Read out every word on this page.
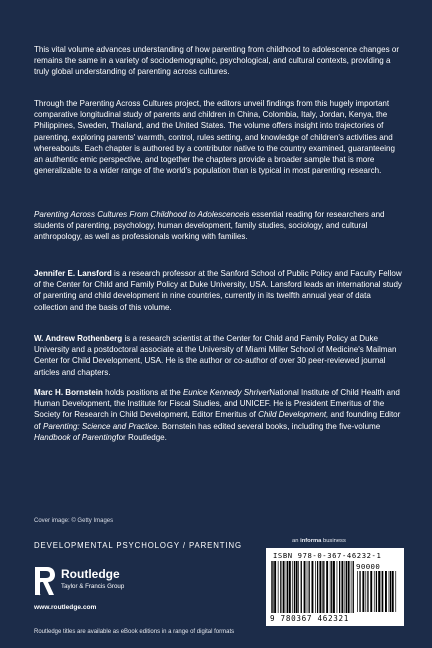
This vital volume advances understanding of how parenting from childhood to adolescence changes or remains the same in a variety of sociodemographic, psychological, and cultural contexts, providing a truly global understanding of parenting across cultures.

Through the Parenting Across Cultures project, the editors unveil findings from this hugely important comparative longitudinal study of parents and children in China, Colombia, Italy, Jordan, Kenya, the Philippines, Sweden, Thailand, and the United States. The volume offers insight into trajectories of parenting, exploring parents' warmth, control, rules setting, and knowledge of children's activities and whereabouts. Each chapter is authored by a contributor native to the country examined, guaranteeing an authentic emic perspective, and together the chapters provide a broader sample that is more generalizable to a wider range of the world's population than is typical in most parenting research.

Parenting Across Cultures From Childhood to Adolescenceis essential reading for researchers and students of parenting, psychology, human development, family studies, sociology, and cultural anthropology, as well as professionals working with families.

Jennifer E. Lansford is a research professor at the Sanford School of Public Policy and Faculty Fellow of the Center for Child and Family Policy at Duke University, USA. Lansford leads an international study of parenting and child development in nine countries, currently in its twelfth annual year of data collection and the basis of this volume.

W. Andrew Rothenberg is a research scientist at the Center for Child and Family Policy at Duke University and a postdoctoral associate at the University of Miami Miller School of Medicine's Mailman Center for Child Development, USA. He is the author or co-author of over 30 peer-reviewed journal articles and chapters.

Marc H. Bornstein holds positions at the Eunice Kennedy ShriverNational Institute of Child Health and Human Development, the Institute for Fiscal Studies, and UNICEF. He is President Emeritus of the Society for Research in Child Development, Editor Emeritus of Child Development, and founding Editor of Parenting: Science and Practice. Bornstein has edited several books, including the five-volume Handbook of Parentingfor Routledge.

Cover image: © Getty Images
DEVELOPMENTAL PSYCHOLOGY / PARENTING
Routledge
Taylor & Francis Group
www.routledge.com
Routledge titles are available as eBook editions in a range of digital formats
an informa business
ISBN 978-0-367-46232-1
90000
9 780367 462321
